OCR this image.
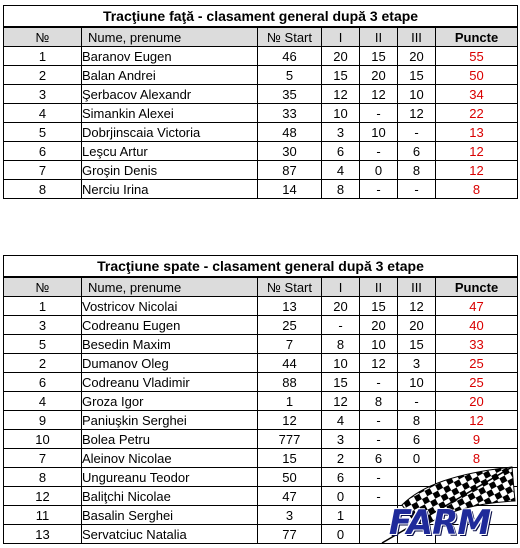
Tracţiune faţă - clasament general după 3 etape						
№	Nume, prenume	№ Start	I	II	III	Puncte
1	Baranov Eugen	46	20	15	20	55
2	Balan Andrei	5	15	20	15	50
3	Şerbacov Alexandr	35	12	12	10	34
4	Simankin Alexei	33	10	-	12	22
5	Dobrjinscaia Victoria	48	3	10	-	13
6	Leşcu Artur	30	6	-	6	12
7	Groşin Denis	87	4	0	8	12
8	Nerciu Irina	14	8	-	-	8
Tracţiune spate - clasament general după 3 etape						
№	Nume, prenume	№ Start	I	II	III	Puncte
1	Vostricov Nicolai	13	20	15	12	47
3	Codreanu Eugen	25	-	20	20	40
5	Besedin Maxim	7	8	10	15	33
2	Dumanov Oleg	44	10	12	3	25
6	Codreanu Vladimir	88	15	-	10	25
4	Groza Igor	1	12	8	-	20
9	Paniuşkin Serghei	12	4	-	8	12
10	Bolea Petru	777	3	-	6	9
7	Aleinov Nicolae	15	2	6	0	8
8	Ungureanu Teodor	50	6	-		
12	Baliţchi Nicolae	47	0	-		
11	Basalin Serghei	3	1			
13	Servatciuc Natalia	77	0				FARM
